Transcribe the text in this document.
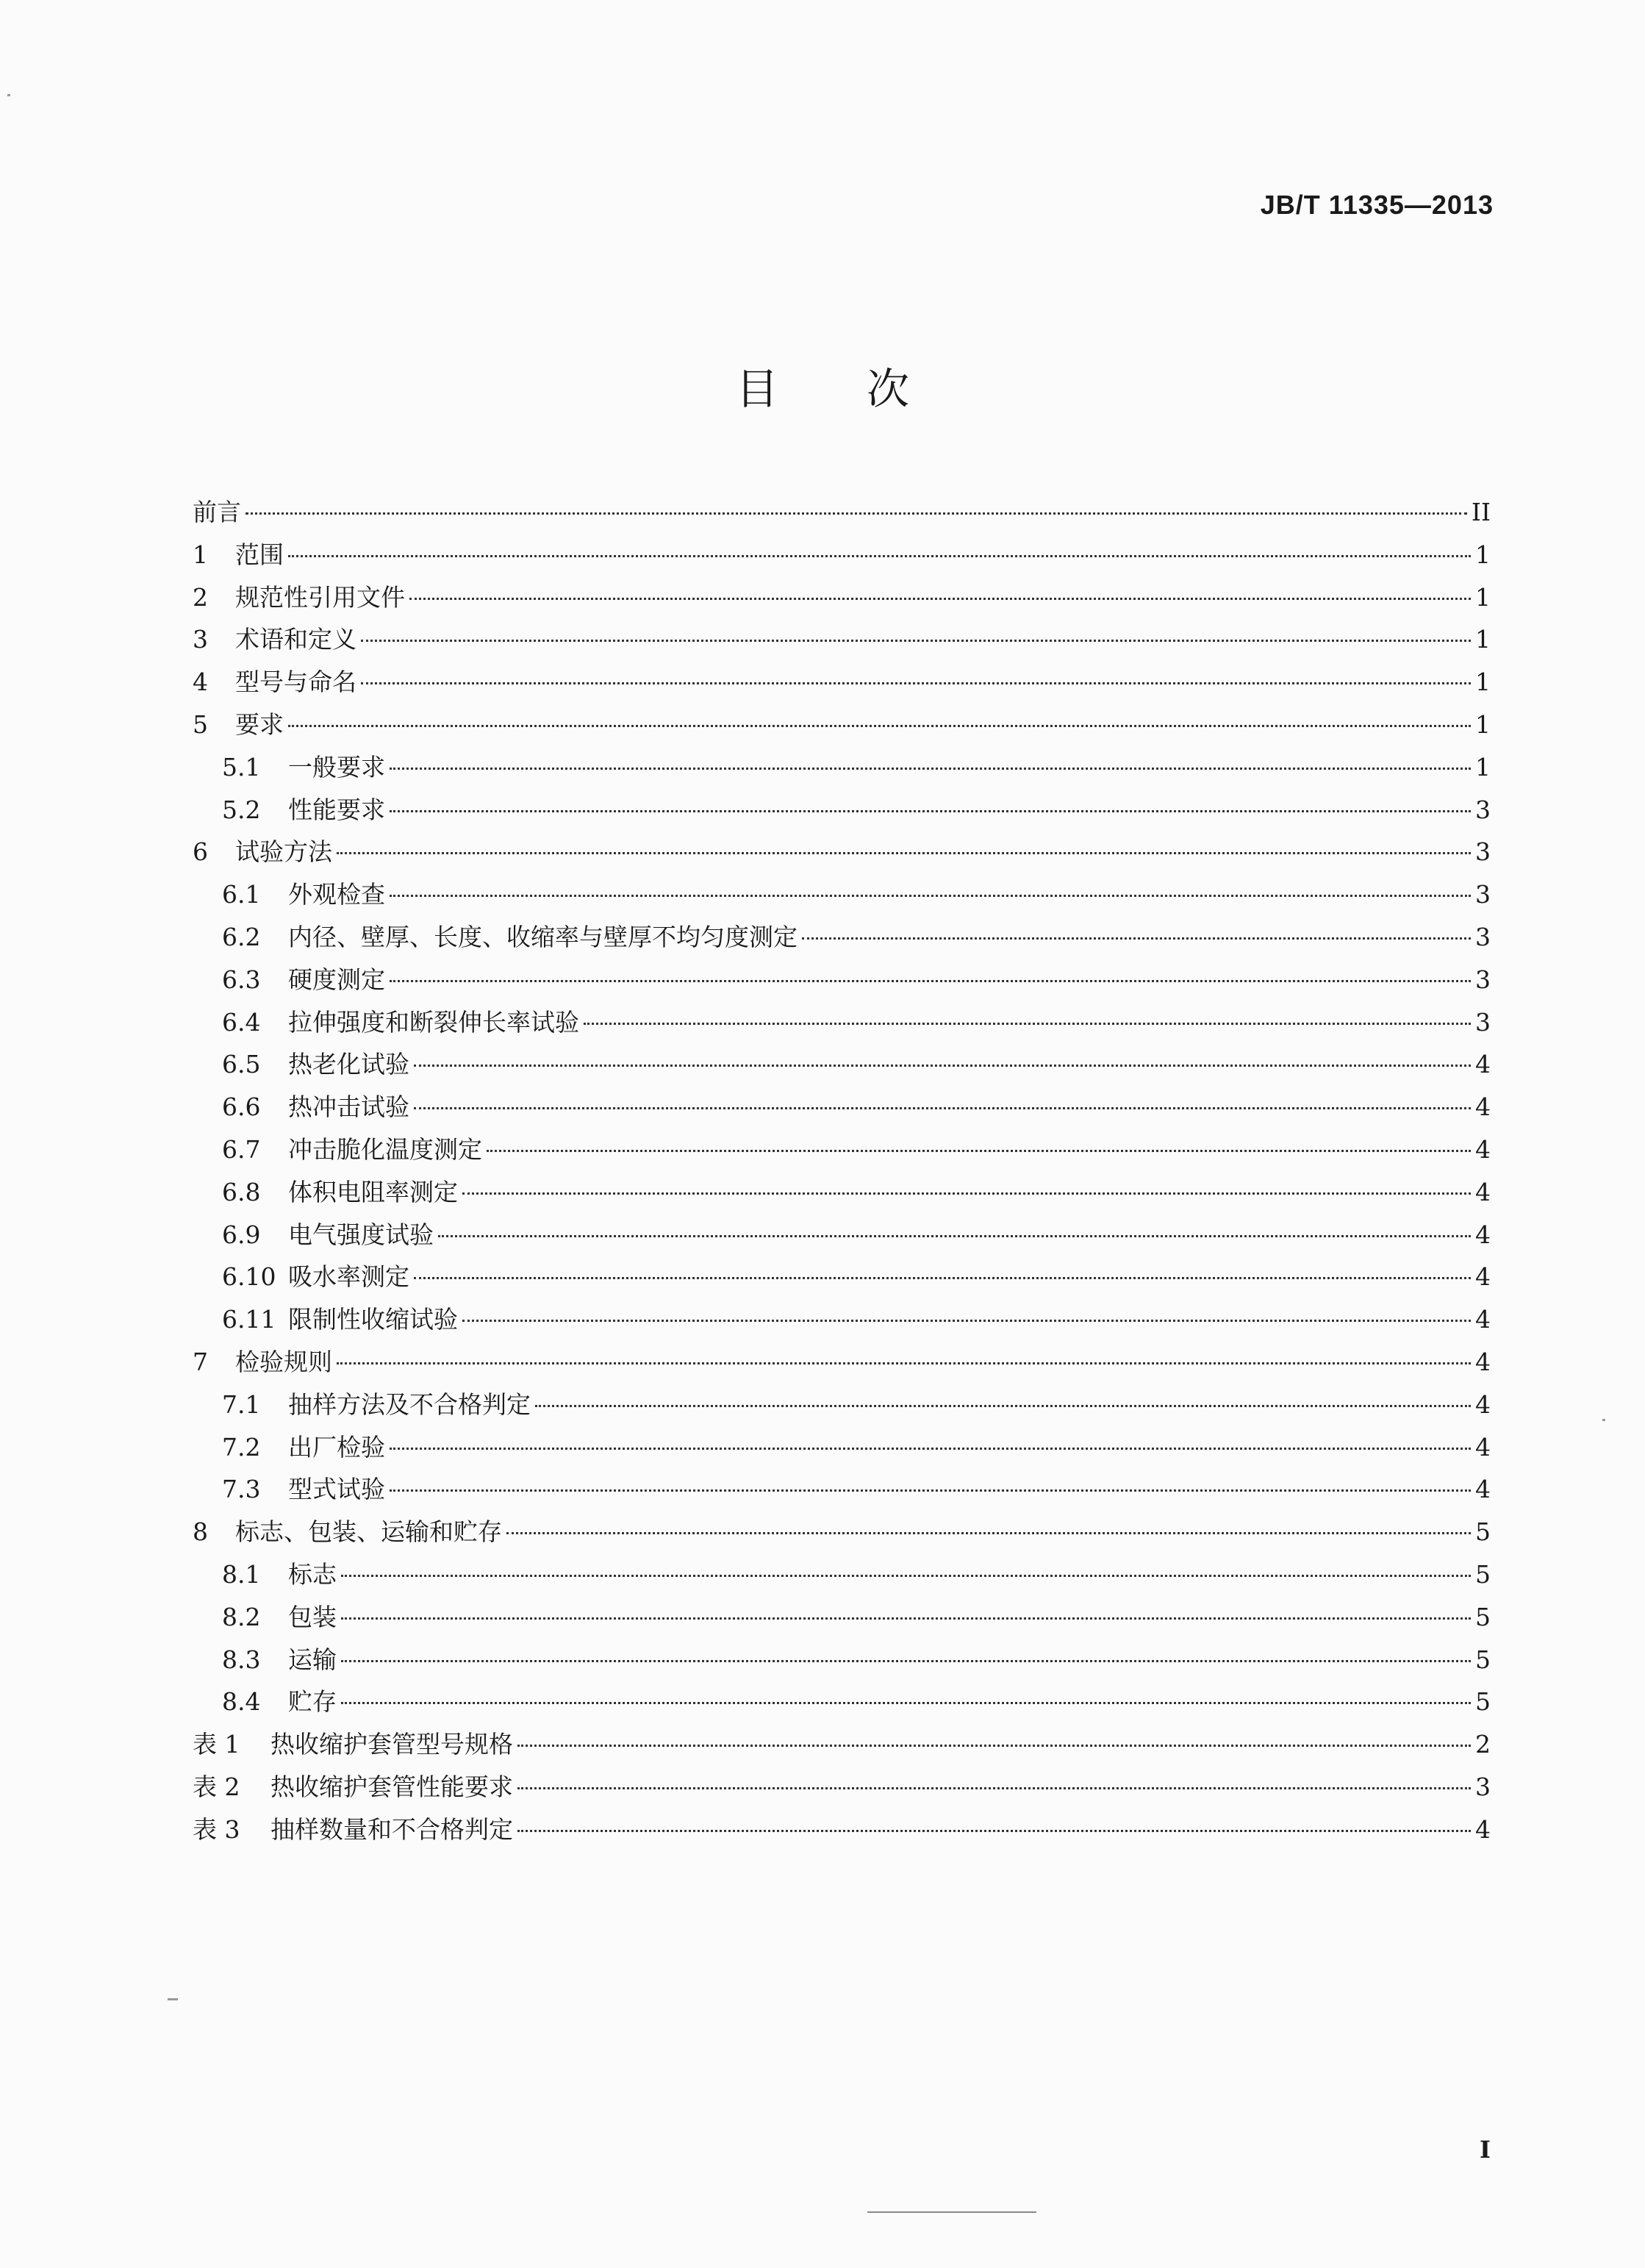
JB/T 11335—2013
目次
前言	II
1	范围	1
2	规范性引用文件	1
3	术语和定义	1
4	型号与命名	1
5	要求	1
5.1	一般要求	1
5.2	性能要求	3
6	试验方法	3
6.1	外观检查	3
6.2	内径、壁厚、长度、收缩率与壁厚不均匀度测定	3
6.3	硬度测定	3
6.4	拉伸强度和断裂伸长率试验	3
6.5	热老化试验	4
6.6	热冲击试验	4
6.7	冲击脆化温度测定	4
6.8	体积电阻率测定	4
6.9	电气强度试验	4
6.10 吸水率测定	4
6.11 限制性收缩试验	4
7	检验规则	4
7.1	抽样方法及不合格判定	4
7.2	出厂检验	4
7.3	型式试验	4
8	标志、包装、运输和贮存	5
8.1	标志	5
8.2	包装	5
8.3	运输	5
8.4	贮存	5
表 1	热收缩护套管型号规格	2
表 2	热收缩护套管性能要求	3
表 3	抽样数量和不合格判定	4
I
